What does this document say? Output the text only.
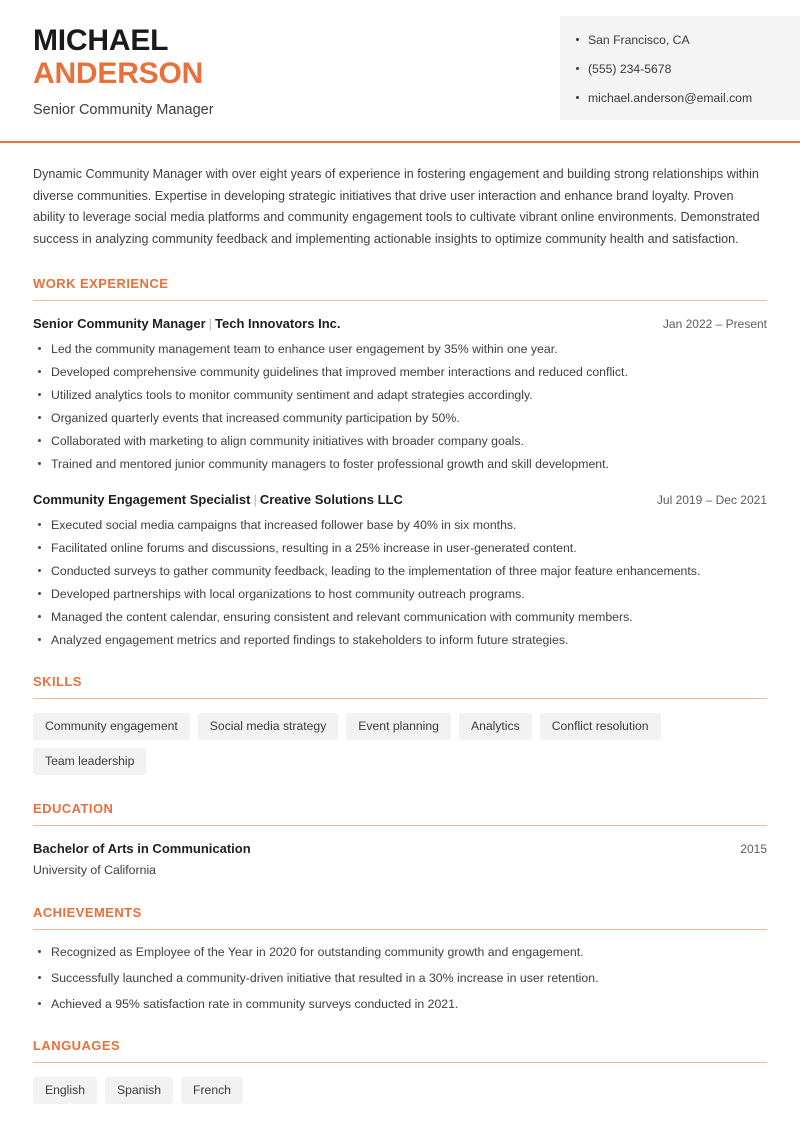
MICHAEL
ANDERSON
Senior Community Manager
San Francisco, CA
(555) 234-5678
michael.anderson@email.com

Dynamic Community Manager with over eight years of experience in fostering engagement and building strong relationships within diverse communities. Expertise in developing strategic initiatives that drive user interaction and enhance brand loyalty. Proven ability to leverage social media platforms and community engagement tools to cultivate vibrant online environments. Demonstrated success in analyzing community feedback and implementing actionable insights to optimize community health and satisfaction.

WORK EXPERIENCE
Senior Community Manager | Tech Innovators Inc.	Jan 2022 – Present
Led the community management team to enhance user engagement by 35% within one year.
Developed comprehensive community guidelines that improved member interactions and reduced conflict.
Utilized analytics tools to monitor community sentiment and adapt strategies accordingly.
Organized quarterly events that increased community participation by 50%.
Collaborated with marketing to align community initiatives with broader company goals.
Trained and mentored junior community managers to foster professional growth and skill development.
Community Engagement Specialist | Creative Solutions LLC	Jul 2019 – Dec 2021
Executed social media campaigns that increased follower base by 40% in six months.
Facilitated online forums and discussions, resulting in a 25% increase in user-generated content.
Conducted surveys to gather community feedback, leading to the implementation of three major feature enhancements.
Developed partnerships with local organizations to host community outreach programs.
Managed the content calendar, ensuring consistent and relevant communication with community members.
Analyzed engagement metrics and reported findings to stakeholders to inform future strategies.
SKILLS
Community engagement	Social media strategy	Event planning	Analytics	Conflict resolution
Team leadership
EDUCATION
Bachelor of Arts in Communication	2015
University of California
ACHIEVEMENTS
Recognized as Employee of the Year in 2020 for outstanding community growth and engagement.
Successfully launched a community-driven initiative that resulted in a 30% increase in user retention.
Achieved a 95% satisfaction rate in community surveys conducted in 2021.
LANGUAGES
English	Spanish	French
